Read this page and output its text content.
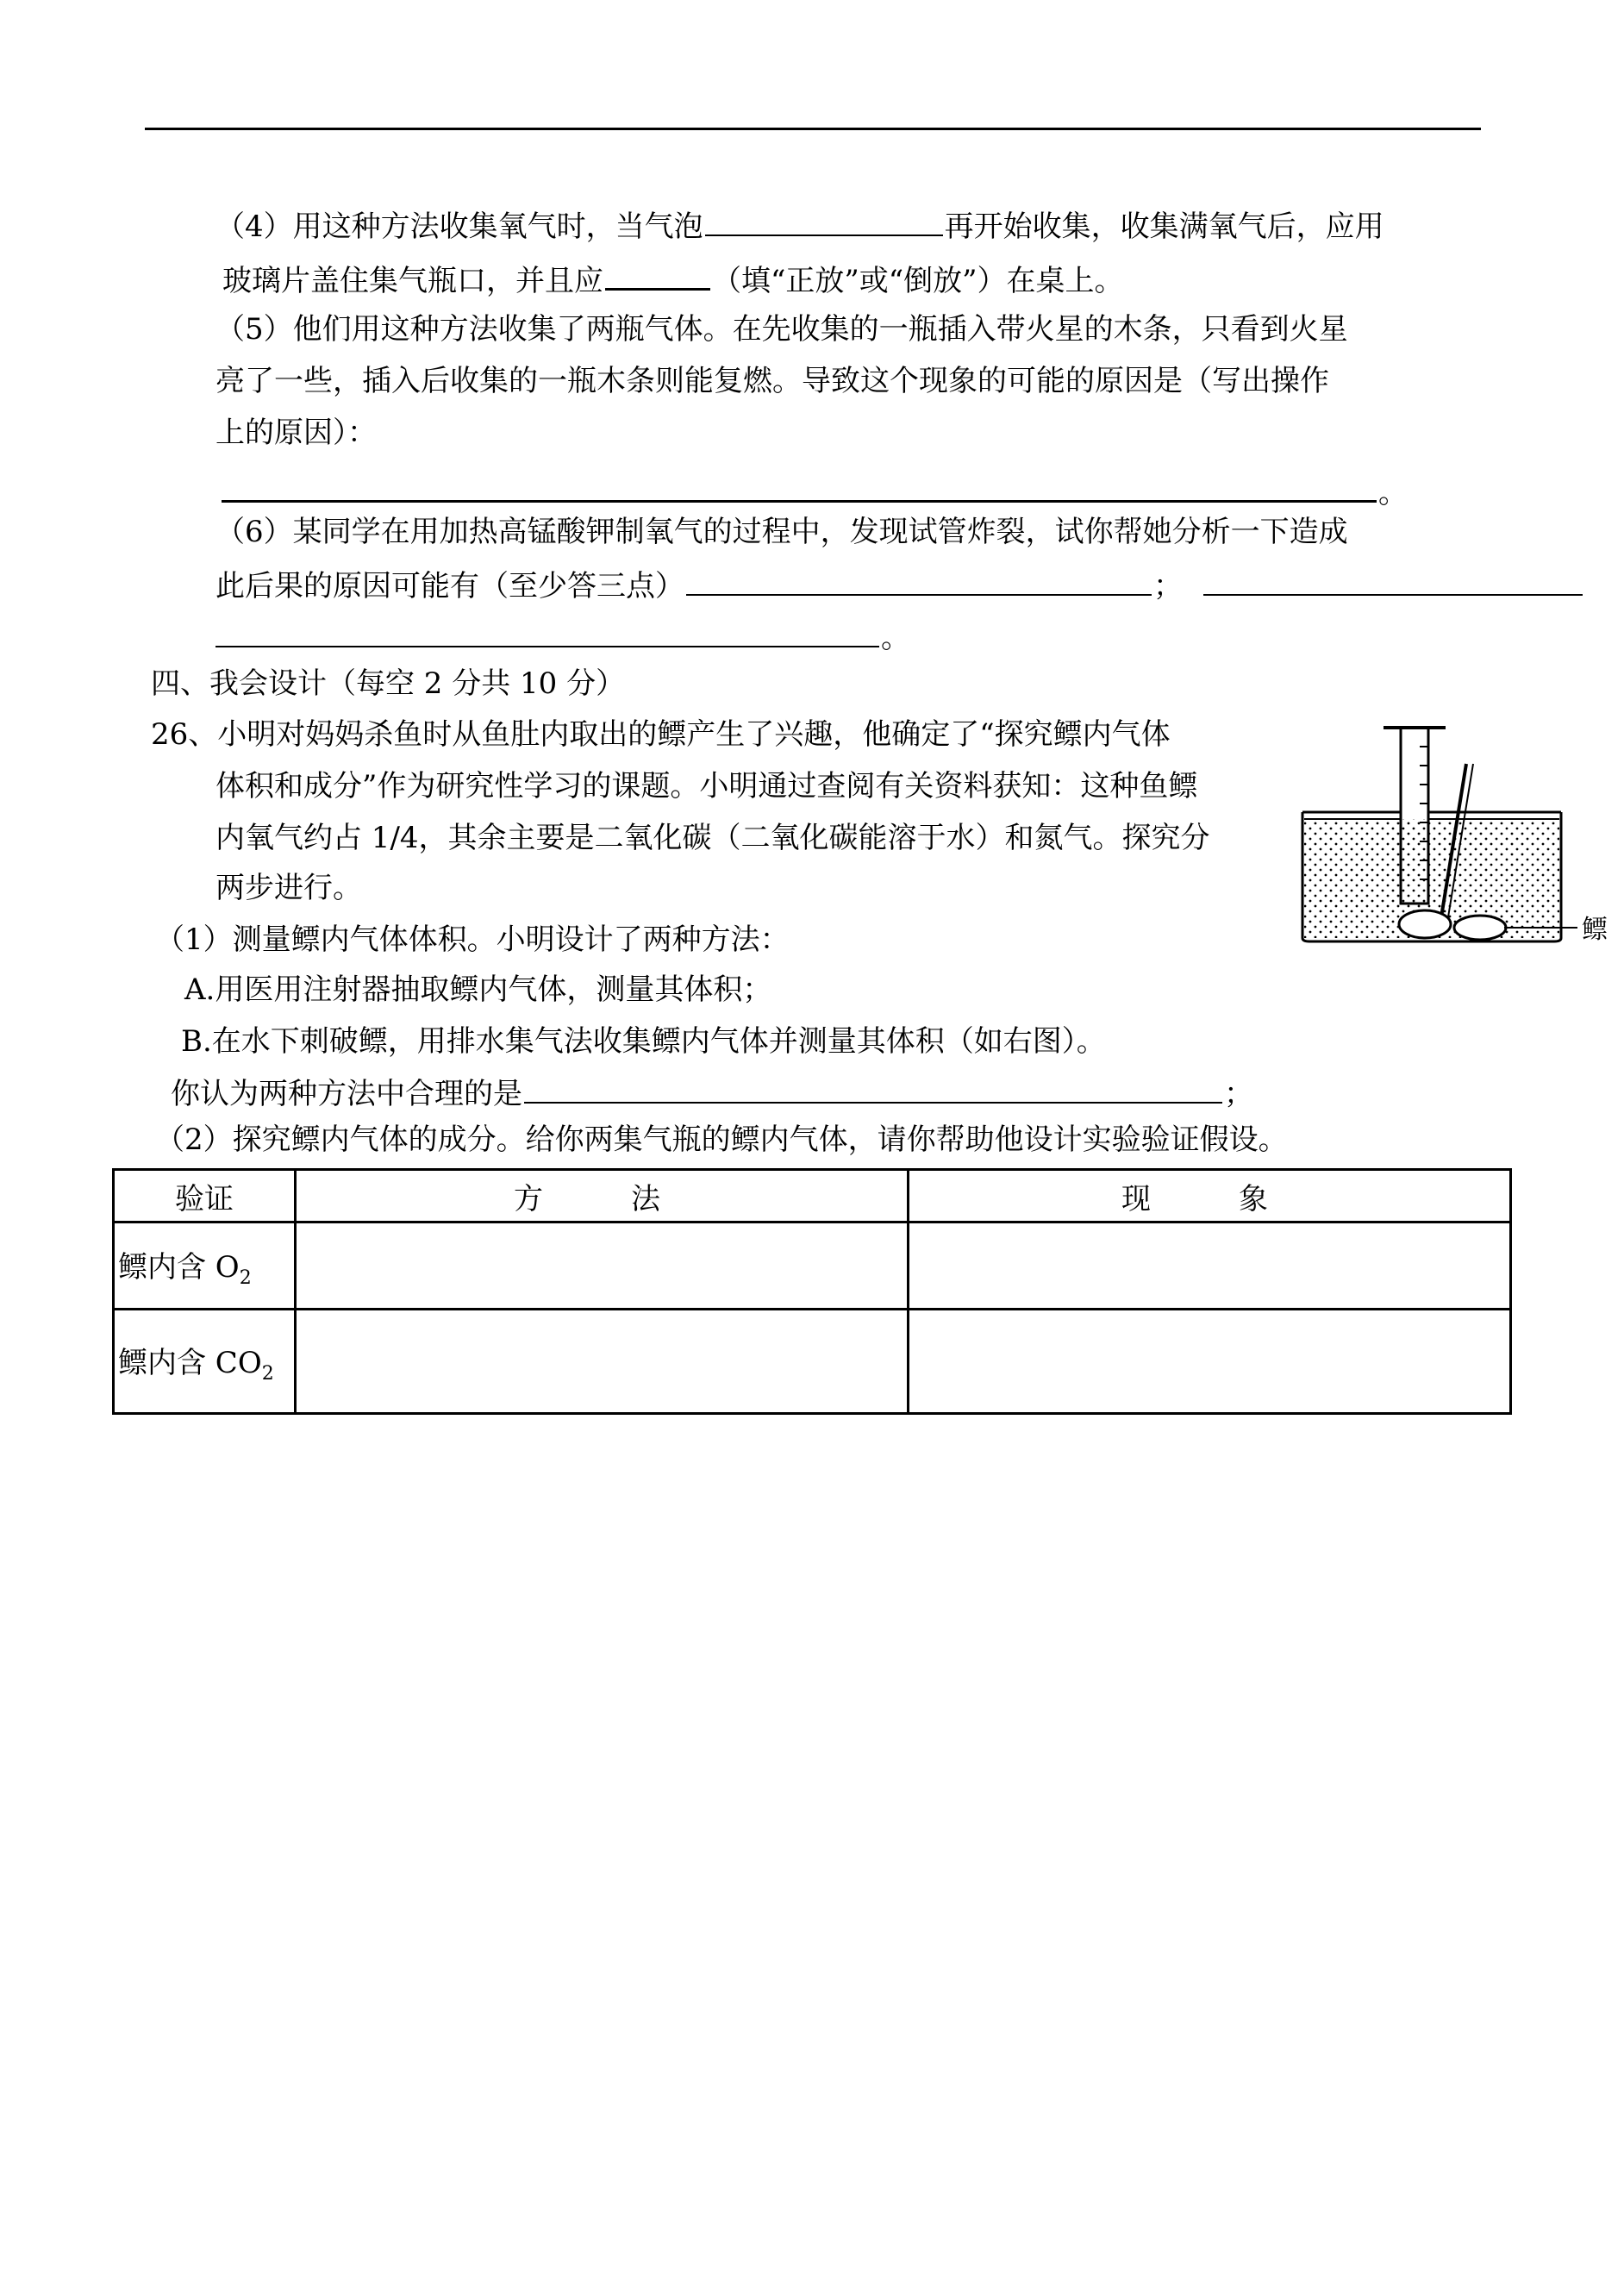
（4）用这种方法收集氧气时，当气泡	再开始收集，收集满氧气后，应用
玻璃片盖住集气瓶口，并且应	（填“正放”或“倒放”）在桌上。
（5）他们用这种方法收集了两瓶气体。在先收集的一瓶插入带火星的木条，只看到火星
亮了一些，插入后收集的一瓶木条则能复燃。导致这个现象的可能的原因是（写出操作
上的原因）：
。
（6）某同学在用加热高锰酸钾制氧气的过程中，发现试管炸裂，试你帮她分析一下造成
此后果的原因可能有（至少答三点）	；
。
四、我会设计（每空 2 分共 10 分）
26、小明对妈妈杀鱼时从鱼肚内取出的鳔产生了兴趣，他确定了“探究鳔内气体
体积和成分”作为研究性学习的课题。小明通过查阅有关资料获知：这种鱼鳔
内氧气约占 1/4，其余主要是二氧化碳（二氧化碳能溶于水）和氮气。探究分
两步进行。
（1）测量鳔内气体体积。小明设计了两种方法：
A.用医用注射器抽取鳔内气体，测量其体积；
B.在水下刺破鳔，用排水集气法收集鳔内气体并测量其体积（如右图）。
你认为两种方法中合理的是	；
（2）探究鳔内气体的成分。给你两集气瓶的鳔内气体，请你帮助他设计实验验证假设。
鳔
验证	方　法	现　象
鳔内含 $O_2$		
鳔内含 $CO_2$		
